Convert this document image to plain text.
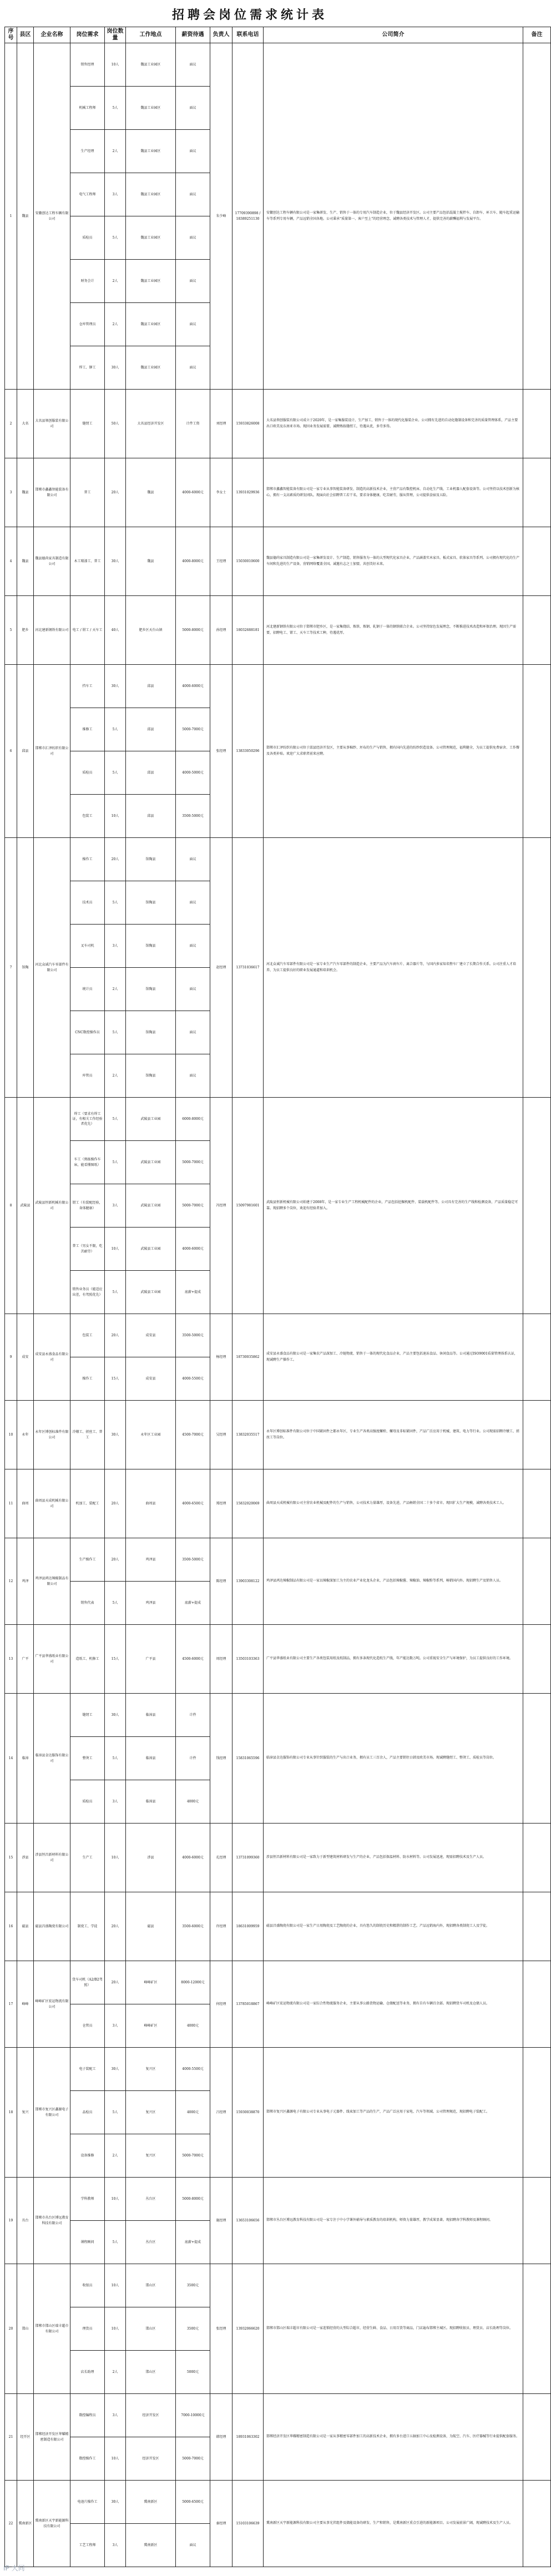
招聘会岗位需求统计表
序号	县区	企业名称	岗位需求	岗位数量	工作地点	薪资待遇	负责人	联系电话	公司简介	备注
1	魏县	安徽创达工程车辆有限公司	销售经理	10人	魏县工业园区	面议	朱少峰	17709390898 / 18389251130	安徽创达工程车辆有限公司是一家集研发、生产、销售于一体的专用汽车制造企业，位于魏县经济开发区。公司主要产品包括混凝土搅拌车、自卸车、环卫车、随车起重运输车等系列专用车辆，产品远销全国各地。公司秉承“质量第一、客户至上”的经营理念，诚聘各类技术与管理人才，提供完善的薪酬福利与发展平台。	
			机械工程师	5人	魏县工业园区	面议				
			生产经理	2人	魏县工业园区	面议				
			电气工程师	3人	魏县工业园区	面议				
			质检员	5人	魏县工业园区	面议				
			财务会计	2人	魏县工业园区	面议				
			仓库管理员	2人	魏县工业园区	面议				
			焊工、铆工	30人	魏县工业园区	面议				
2	大名	大名县领创服装有限公司	缝纫工	50人	大名县经济开发区	计件工资	刘经理	15933826008	大名县领创服装有限公司成立于2020年，是一家集服装设计、生产加工、销售于一体的现代化服装企业。公司拥有先进的自动化缝制设备和完善的质量管理体系，产品主要出口欧美及东南亚市场。现因业务发展需要，诚聘熟练缝纫工，待遇从优，多劳多得。	
3	魏县	邯郸市鑫鑫智能装备有限公司	普工	20人	魏县	4000-6000元	李女士	13931029936	邯郸市鑫鑫智能装备有限公司是一家专业从事智能装备研发、制造的高新技术企业，主营产品有数控机床、自动化生产线、工业机器人配套设备等。公司坚持以技术创新为核心，拥有一支高素质的研发团队。现面向社会招聘普工若干名，要求身体健康，吃苦耐劳，服从管理，公司提供食宿及五险。	
4	魏县	魏县德尚家具制造有限公司	木工喷漆工、普工	30人	魏县	4000-8000元	王经理	15030010600	魏县德尚家具制造有限公司是一家集研发设计、生产制造、销售服务为一体的大型现代化家具企业，产品涵盖实木家具、板式家具、软体家具等系列。公司拥有现代化的生产车间和先进的生产设备，营销网络覆盖全国。诚邀有志之士加盟，共创美好未来。	
5	肥乡	河北建新钢铁有限公司	电工 / 钳工 / 天车工	40人	肥乡区天台山镇	5000-8000元	孙经理	18032688181	河北建新钢铁有限公司位于邯郸市肥乡区，是一家集烧结、炼铁、炼钢、轧钢于一体的钢铁联合企业。公司坚持绿色发展理念，不断推进技术改造和环保治理。现因生产需要，招聘电工、钳工、天车工等技术工种，待遇优厚。	
6	邱县	邯郸市汇泽纺织有限公司	挡车工	30人	邱县	4000-6000元	张经理	13833050296	邯郸市汇泽纺织有限公司位于邱县经济开发区，主要从事棉纱、坯布的生产与销售，拥有国内先进的纺纱织造设备。公司管理规范，福利健全，为员工提供免费宿舍、工作餐及各类补贴。欢迎广大求职者前来应聘。	
			维修工	5人	邱县	5000-7000元				
			质检员	5人	邱县	4000-5000元				
			包装工	10人	邱县	3500-5000元				
7	馆陶	河北众诚汽车零部件有限公司	操作工	20人	馆陶县	面议	赵经理	13731036617	河北众诚汽车零部件有限公司是一家专业生产汽车零部件的制造企业，主要产品为汽车刹车片、离合器片等，与国内多家知名整车厂建立了长期合作关系。公司注重人才培养，为员工提供良好的职业发展通道和培训机会。	
			技术员	5人	馆陶县	面议				
			叉车司机	3人	馆陶县	面议				
			统计员	2人	馆陶县	面议				
			CNC数控操作员	5人	馆陶县	面议				
			库管员	2人	馆陶县	面议				
8	武陵县	武陵县恒新机械有限公司	焊工（要求有焊工证，有相关工作经验者优先）	5人	武陵县工业园	6000-8000元	冯经理	15097981601	武陵县恒新机械有限公司始建于2008年，是一家专业生产工程机械配件的企业，产品包括挖掘机配件、装载机配件等。公司具有完善的生产线和检测设备，产品质量稳定可靠。现招聘多个岗位，欢迎有经验者加入。	
			车工（熟练操作车床，能看懂图纸）	5人	武陵县工业园	5000-7000元				
			钳工（有装配经验，身体健康）	3人	武陵县工业园	5000-7000元				
			普工（男女不限，吃苦耐劳）	10人	武陵县工业园	4000-6000元				
			销售业务员（能适应出差，有驾照优先）	5人	武陵县工业园	底薪+提成				
9	成安	成安县永盛食品有限公司	包装工	20人	成安县	3500-5000元	杨经理	18730035862	成安县永盛食品有限公司是一家集农产品深加工、冷链物流、销售于一体的现代化食品企业，产品主要包括速冻食品、休闲食品等。公司通过ISO9001质量管理体系认证，现诚聘生产操作工。	
			操作工	15人	成安县	4000-5500元				
10	永年	永年区博创标准件有限公司	冷镦工、搓丝工、普工	30人	永年区工业园	4500-7000元	吴经理	13832035517	永年区博创标准件有限公司位于中国紧固件之都永年区，专业生产各类高强度螺栓、螺母及非标紧固件，产品广泛应用于机械、建筑、电力等行业。公司现需招聘冷镦工、搓丝工等岗位。	
11	曲周	曲周县天成机械有限公司	机加工、装配工	20人	曲周县	4000-6500元	郑经理	15832020069	曲周县天成机械有限公司主营农业机械及配件的生产与销售，公司技术力量雄厚，设备先进，产品畅销全国二十多个省市。现因扩大生产规模，诚聘各类技术工人。	
12	鸡泽	鸡泽县鸿达辣椒制品有限公司	生产操作工	20人	鸡泽县	3500-5000元	陈经理	13903308122	鸡泽县鸿达辣椒制品有限公司是一家以辣椒深加工为主的农业产业化龙头企业，产品包括辣椒酱、辣椒油、辣椒粉等系列，畅销国内外。现招聘生产及销售人员。	
			销售代表	5人	鸡泽县	底薪+提成				
13	广平	广平县华盛纸业有限公司	造纸工、机修工	15人	广平县	4500-6000元	周经理	13503103363	广平县华盛纸业有限公司主要生产各类包装用纸及纸制品，拥有多条现代化造纸生产线，年产能达数万吨。公司重视安全生产与环境保护，为员工提供良好的工作环境。	
14	临漳	临漳县金达服饰有限公司	缝纫工	30人	临漳县	计件	钱经理	15831065596	临漳县金达服饰有限公司专业从事针织服装的生产与出口业务，拥有员工三百余人，产品主要销往日韩及欧美市场。现诚聘缝纫工、整烫工、质检员等岗位。	
			整烫工	5人	临漳县	计件				
			质检员	3人	临漳县	4000元				
15	涉县	涉县恒昌新材料有限公司	生产工	10人	涉县	4000-6000元	孔经理	13731099360	涉县恒昌新材料有限公司是一家致力于新型建筑材料研发与生产的企业，产品包括保温材料、防水材料等。公司发展迅速，现需招聘技术及生产人员。	
16	磁县	磁县昌盛陶瓷有限公司	制瓷工、学徒	20人	磁县	3500-6000元	许经理	18631009959	磁县昌盛陶瓷有限公司是一家生产日用陶瓷及工艺陶瓷的企业，具有悠久的制瓷历史和精湛的制作工艺。产品远销海内外，现招聘各类制瓷工人及学徒。	
17	峰峰	峰峰矿区宏运物流有限公司	货车司机（A2/B2驾照）	20人	峰峰矿区	8000-12000元	何经理	13785018867	峰峰矿区宏运物流有限公司是一家综合性物流服务企业，主要从事公路货物运输、仓储配送等业务，拥有自有车辆百余部。现招聘货车司机及仓储人员。	
			仓管员	3人	峰峰矿区	4000元				
18	复兴	邯郸市复兴区鑫源电子有限公司	电子装配工	30人	复兴区	4000-5500元	吕经理	15930038870	邯郸市复兴区鑫源电子有限公司专业从事电子元器件、线束加工等产品的生产，产品广泛应用于家电、汽车等领域。公司管理规范，现招聘电子装配工。	
			品检员	5人	复兴区	4000元				
			设备维修	2人	复兴区	5000-7000元				
19	丛台	邯郸市丛台区博远教育科技有限公司	学科教师	10人	丛台区	5000-8000元	施经理	13653106656	邯郸市丛台区博远教育科技有限公司是一家专注于中小学课外辅导与素质教育的培训机构，师资力量雄厚，教学成果显著。现招聘各学科教师及课程顾问。	
			课程顾问	5人	丛台区	底薪+提成				
20	邯山	邯郸市邯山区瑞丰超市有限公司	收银员	10人	邯山区	3500元	张经理	13932066620	邯郸市邯山区瑞丰超市有限公司是一家连锁经营的大型综合超市，经营生鲜、食品、日用百货等商品，门店遍布邯郸主城区。现招聘收银员、理货员、店长助理等岗位。	
			理货员	10人	邯山区	3500元				
			店长助理	2人	邯山区	5000元				
21	经开区	邯郸经济开发区华耀精密制造有限公司	数控编程员	3人	经济开发区	7000-10000元	韩经理	18931063302	邯郸经济开发区华耀精密制造有限公司是一家从事精密零部件加工的高新技术企业，拥有多台进口五轴加工中心及检测设备，为航空、汽车、医疗器械等行业提供配套服务。	
			数控操作工	10人	经济开发区	5000-7000元				
22	冀南新区	冀南新区天宇新能源科技有限公司	电池片操作工	30人	冀南新区	5000-6500元	秦经理	15103106639	冀南新区天宇新能源科技有限公司主要从事光伏组件及储能设备的研发、生产和销售，是冀南新区重点引进的新能源项目。公司发展前景广阔，现诚聘技术及生产人员。	
			工艺工程师	3人	冀南新区	面议				
IP 大同
